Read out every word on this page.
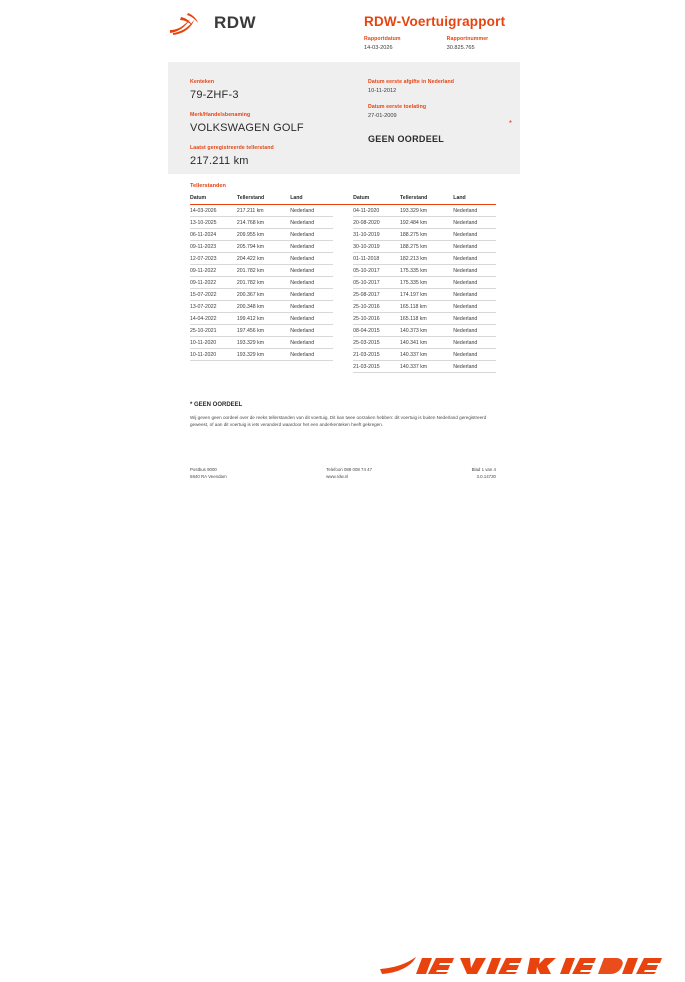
RDW	RDW-Voertuigrapport
Rapportdatum
14-03-2026
Rapportnummer
30.825.765
Kenteken
79-ZHF-3
Merk/Handelsbenaming
VOLKSWAGEN GOLF
Laatst geregistreerde tellerstand
217.211 km
Datum eerste afgifte in Nederland
10-11-2012
Datum eerste toelating
27-01-2009
GEEN OORDEEL
*
Tellerstanden
Datum	Tellerstand	Land		Datum	Tellerstand	Land
14-03-2026	217.211 km	Nederland		04-11-2020	193.329 km	Nederland
13-10-2025	214.768 km	Nederland		20-08-2020	192.484 km	Nederland
06-11-2024	209.955 km	Nederland		31-10-2019	188.275 km	Nederland
09-11-2023	205.794 km	Nederland		30-10-2019	188.275 km	Nederland
12-07-2023	204.422 km	Nederland		01-11-2018	182.213 km	Nederland
09-11-2022	201.782 km	Nederland		05-10-2017	175.335 km	Nederland
09-11-2022	201.782 km	Nederland		05-10-2017	175.335 km	Nederland
15-07-2022	200.367 km	Nederland		25-08-2017	174.197 km	Nederland
13-07-2022	200.348 km	Nederland		25-10-2016	165.118 km	Nederland
14-04-2022	199.412 km	Nederland		25-10-2016	165.118 km	Nederland
25-10-2021	197.456 km	Nederland		08-04-2015	140.373 km	Nederland
10-11-2020	193.329 km	Nederland		25-03-2015	140.341 km	Nederland
10-11-2020	193.329 km	Nederland		21-03-2015	140.337 km	Nederland
				21-03-2015	140.337 km	Nederland
* GEEN OORDEEL
Wij geven geen oordeel over de reeks tellerstanden van dit voertuig. Dit kan twee oorzaken hebben: dit voertuig is buiten Nederland geregistreerd geweest, of aan dit voertuig is iets veranderd waardoor het een anderkenteken heeft gekregen.
Postbus 9000
6840 RA Veendam
Telefoon 088 008 74 47
www.rdw.nl
Blad 1 van 4
3.0.14730
